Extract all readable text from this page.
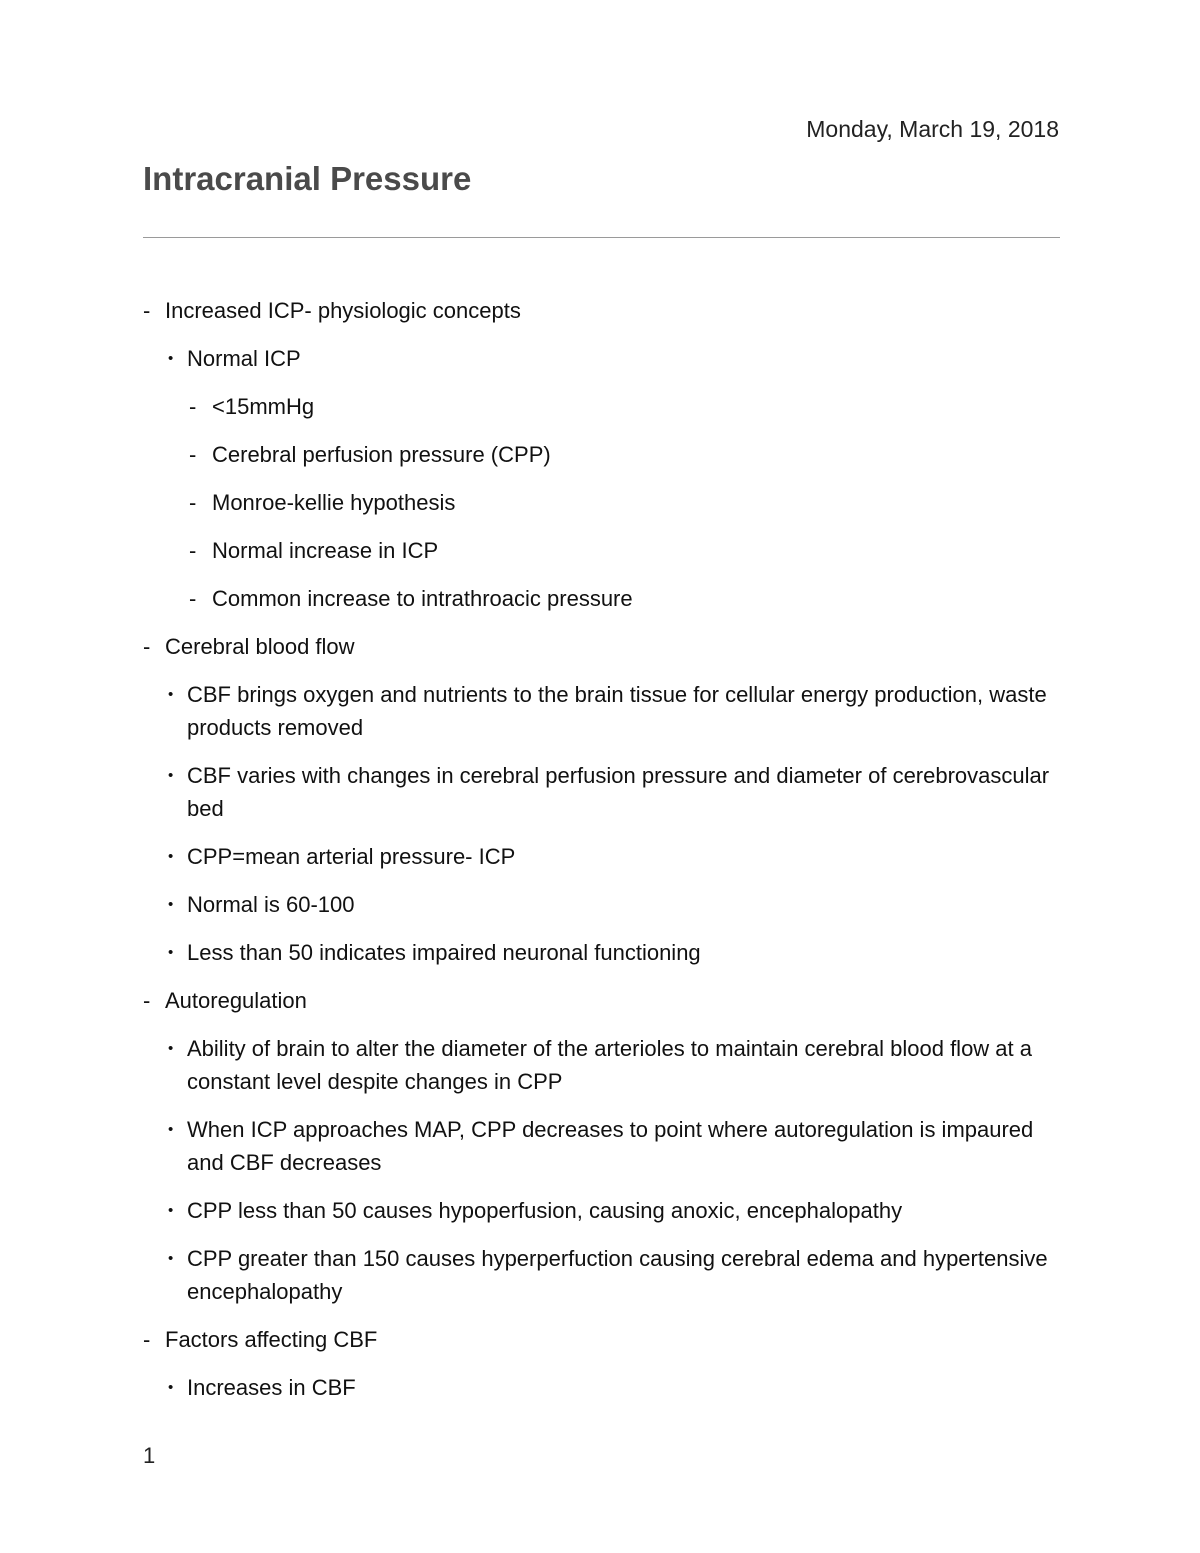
Monday, March 19, 2018
Intracranial Pressure
- Increased ICP- physiologic concepts
• Normal ICP
- <15mmHg
- Cerebral perfusion pressure (CPP)
- Monroe-kellie hypothesis
- Normal increase in ICP
- Common increase to intrathroacic pressure
- Cerebral blood flow
• CBF brings oxygen and nutrients to the brain tissue for cellular energy production, waste products removed
• CBF varies with changes in cerebral perfusion pressure and diameter of cerebrovascular bed
• CPP=mean arterial pressure- ICP
• Normal is 60-100
• Less than 50 indicates impaired neuronal functioning
- Autoregulation
• Ability of brain to alter the diameter of the arterioles to maintain cerebral blood flow at a constant level despite changes in CPP
• When ICP approaches MAP, CPP decreases to point where autoregulation is impaured and CBF decreases
• CPP less than 50 causes hypoperfusion, causing anoxic, encephalopathy
• CPP greater than 150 causes hyperperfuction causing cerebral edema and hypertensive encephalopathy
- Factors affecting CBF
• Increases in CBF
1
